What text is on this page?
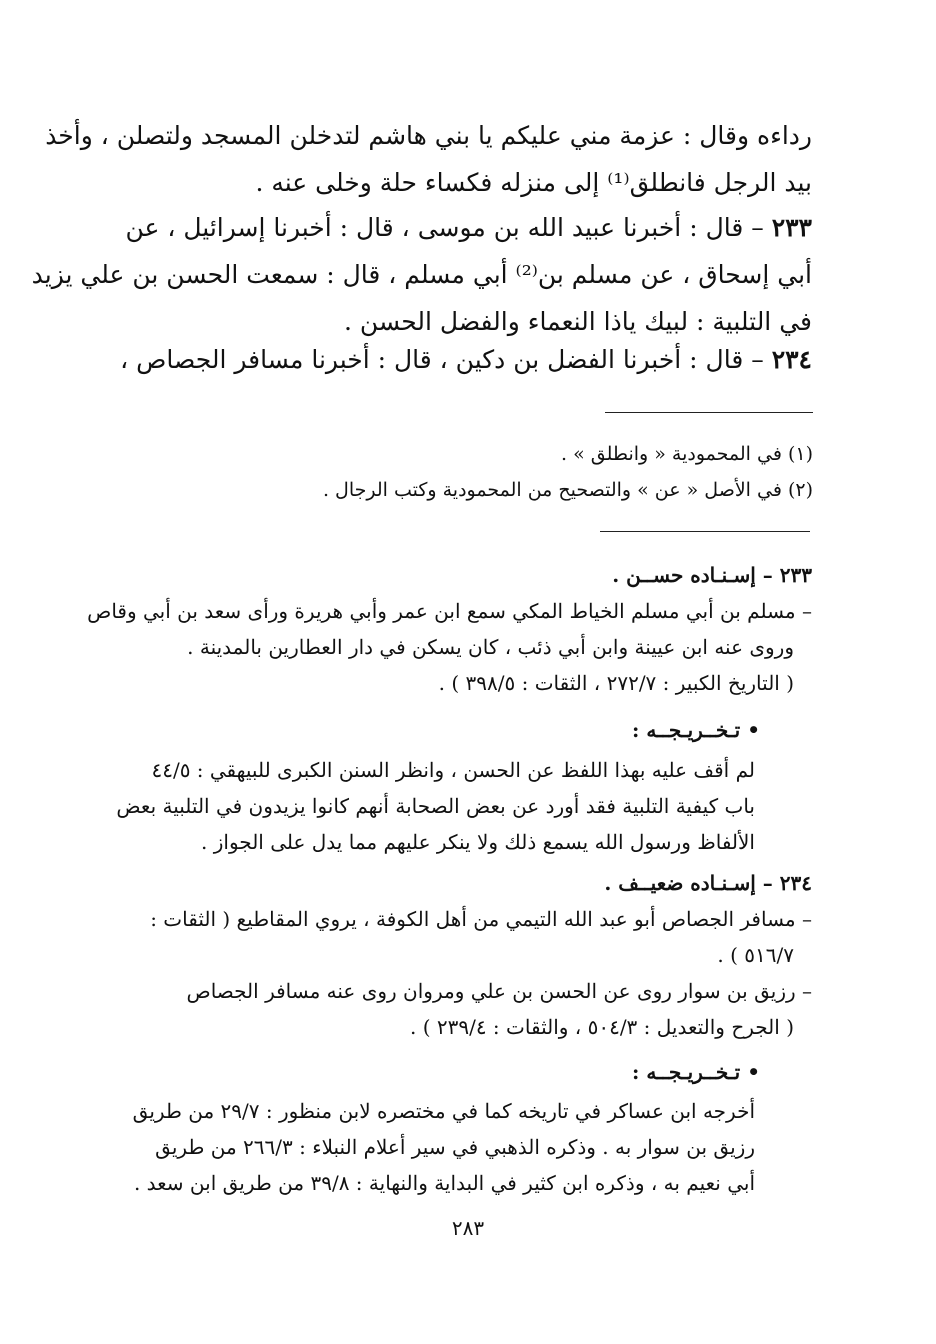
رداءه وقال : عزمة مني عليكم يا بني هاشم لتدخلن المسجد ولتصلن ، وأخذ
بيد الرجل فانطلق⁽¹⁾ إلى منزله فكساء حلة وخلى عنه .
٢٣٣ – قال : أخبرنا عبيد الله بن موسى ، قال : أخبرنا إسرائيل ، عن
أبي إسحاق ، عن مسلم بن⁽²⁾ أبي مسلم ، قال : سمعت الحسن بن علي يزيد
في التلبية : لبيك ياذا النعماء والفضل الحسن .
٢٣٤ – قال : أخبرنا الفضل بن دكين ، قال : أخبرنا مسافر الجصاص ،
(١) في المحمودية « وانطلق » .
(٢) في الأصل « عن » والتصحيح من المحمودية وكتب الرجال .
٢٣٣ – إسـنـاده حســن .
– مسلم بن أبي مسلم الخياط المكي سمع ابن عمر وأبي هريرة ورأى سعد بن أبي وقاص
وروى عنه ابن عيينة وابن أبي ذئب ، كان يسكن في دار العطارين بالمدينة .
( التاريخ الكبير : ٢٧٢/٧ ، الثقات : ٣٩٨/٥ ) .
• تـخــريـجــه :
لم أقف عليه بهذا اللفظ عن الحسن ، وانظر السنن الكبرى للبيهقي : ٤٤/٥
باب كيفية التلبية فقد أورد عن بعض الصحابة أنهم كانوا يزيدون في التلبية بعض
الألفاظ ورسول الله يسمع ذلك ولا ينكر عليهم مما يدل على الجواز .
٢٣٤ – إسـنـاده ضعيــف .
– مسافر الجصاص أبو عبد الله التيمي من أهل الكوفة ، يروي المقاطيع ( الثقات :
٥١٦/٧ ) .
– رزيق بن سوار روى عن الحسن بن علي ومروان روى عنه مسافر الجصاص
( الجرح والتعديل : ٥٠٤/٣ ، والثقات : ٢٣٩/٤ ) .
• تـخــريـجــه :
أخرجه ابن عساكر في تاريخه كما في مختصره لابن منظور : ٢٩/٧ من طريق
رزيق بن سوار به . وذكره الذهبي في سير أعلام النبلاء : ٢٦٦/٣ من طريق
أبي نعيم به ، وذكره ابن كثير في البداية والنهاية : ٣٩/٨ من طريق ابن سعد .
٢٨٣
